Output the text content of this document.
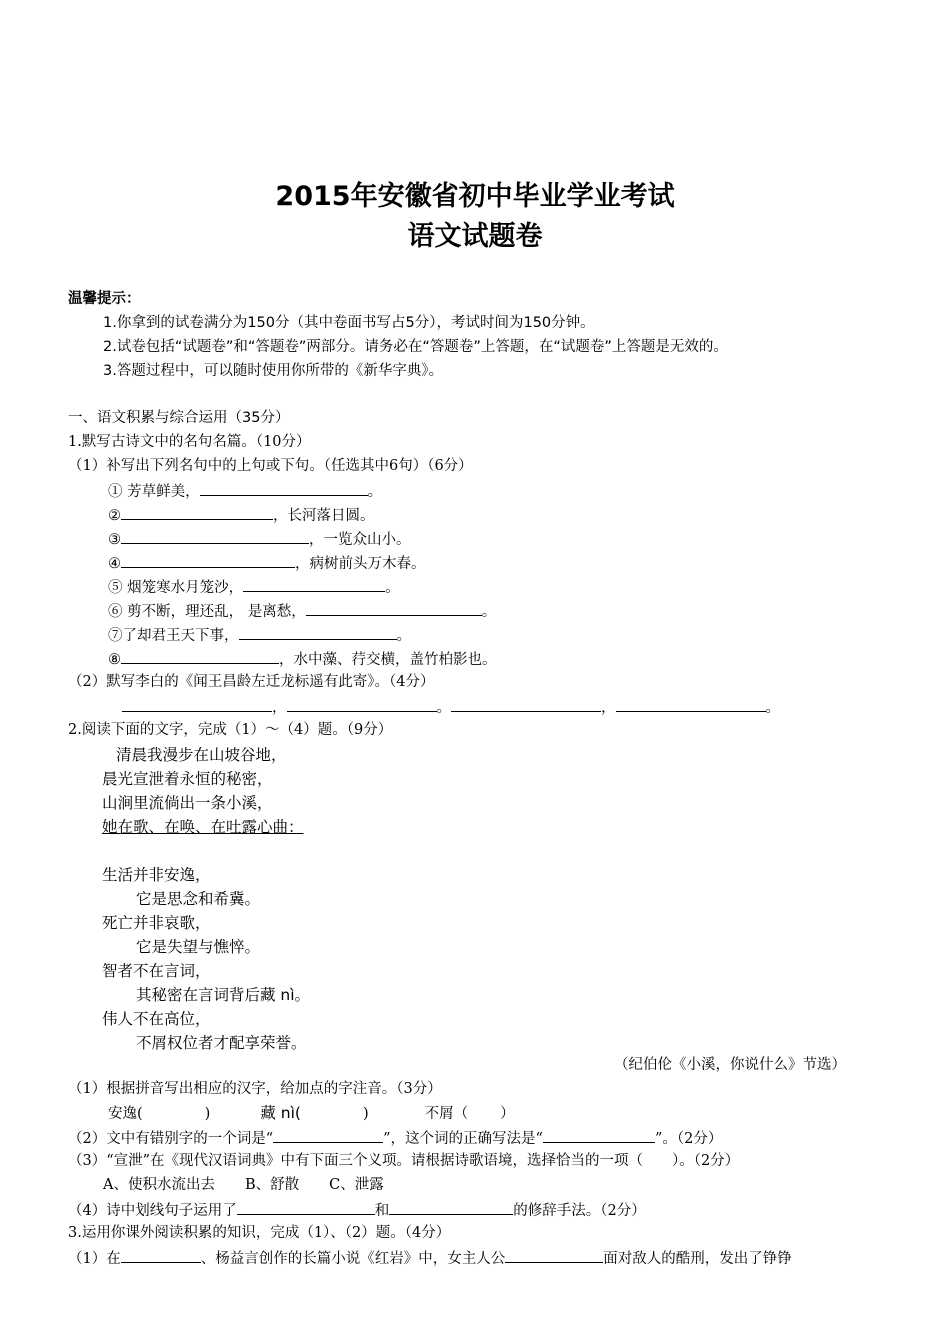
2015年安徽省初中毕业学业考试
语文试题卷
温馨提示：
1.你拿到的试卷满分为150分（其中卷面书写占5分），考试时间为150分钟。
2.试卷包括“试题卷”和“答题卷”两部分。请务必在“答题卷”上答题，在“试题卷”上答题是无效的。
3.答题过程中，可以随时使用你所带的《新华字典》。
一、语文积累与综合运用（35分）
1.默写古诗文中的名句名篇。（10分）
（1）补写出下列名句中的上句或下句。（任选其中6句）（6分）
① 芳草鲜美，	。
②	，长河落日圆。
③	，一览众山小。
④	，病树前头万木春。
⑤ 烟笼寒水月笼沙，	。
⑥ 剪不断，理还乱， 是离愁，	。
⑦了却君王天下事，	。
⑧	，水中藻、荇交横，盖竹柏影也。
（2）默写李白的《闻王昌龄左迁龙标遥有此寄》。（4分）
，	。	，	。
2.阅读下面的文字，完成（1）～（4）题。（9分）
清晨我漫步在山坡谷地，
晨光宣泄着永恒的秘密，
山涧里流倘出一条小溪，
她在歌、在唤、在吐露心曲：
生活并非安逸，
它是思念和希冀。
死亡并非哀歌，
它是失望与憔悴。
智者不在言词，
其秘密在言词背后藏 nì。
伟人不在高位，
不屑权位者才配享荣誉。
（纪伯伦《小溪，你说什么》节选）
（1）根据拼音写出相应的汉字，给加点的字注音。（3分）
安逸(	)	藏 nì(	)	不屑（ ）
（2）文中有错别字的一个词是“	”，这个词的正确写法是“	”。（2分）
（3）“宣泄”在《现代汉语词典》中有下面三个义项。请根据诗歌语境，选择恰当的一项（　　）。（2分）
A、使积水流出去 B、舒散 C、泄露
（4）诗中划线句子运用了	和	的修辞手法。（2分）
3.运用你课外阅读积累的知识，完成（1）、（2）题。（4分）
（1）在	、杨益言创作的长篇小说《红岩》中，女主人公	面对敌人的酷刑，发出了铮铮
